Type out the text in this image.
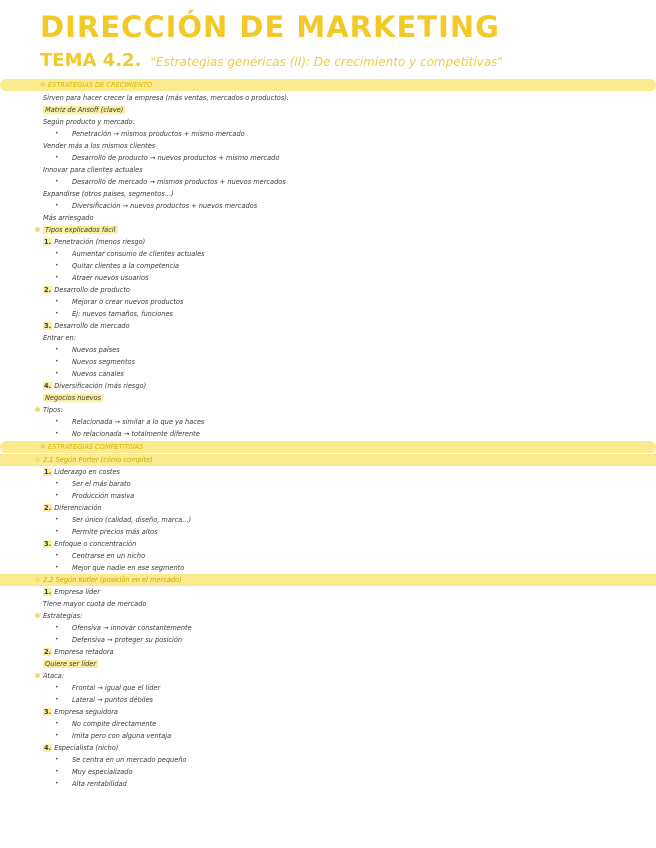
DIRECCIÓN DE MARKETING
TEMA 4.2. "Estrategias genéricas (II): De crecimiento y competitivas"
① ESTRATEGIAS DE CRECIMIENTO
Sirven para hacer crecer la empresa (más ventas, mercados o productos).
Matriz de Ansoff (clave)
Según producto y mercado:
• Penetración → mismos productos + mismo mercado
Vender más a los mismos clientes
• Desarrollo de producto → nuevos productos + mismo mercado
Innovar para clientes actuales
• Desarrollo de mercado → mismos productos + nuevos mercados
Expandirse (otros países, segmentos...)
• Diversificación → nuevos productos + nuevos mercados
Más arriesgado
Tipos explicados fácil
1. Penetración (menos riesgo)
• Aumentar consumo de clientes actuales
• Quitar clientes a la competencia
• Atraer nuevos usuarios
2. Desarrollo de producto
• Mejorar o crear nuevos productos
• Ej: nuevos tamaños, funciones
3. Desarrollo de mercado
Entrar en:
• Nuevos países
• Nuevos segmentos
• Nuevos canales
4. Diversificación (más riesgo)
Negocios nuevos
Tipos:
• Relacionada → similar a lo que ya haces
• No relacionada → totalmente diferente
② ESTRATEGIAS COMPETITIVAS
2.1 Según Porter (cómo compite)
1. Liderazgo en costes
• Ser el más barato
• Producción masiva
2. Diferenciación
• Ser único (calidad, diseño, marca...)
• Permite precios más altos
3. Enfoque o concentración
• Centrarse en un nicho
• Mejor que nadie en ese segmento
2.2 Según Kotler (posición en el mercado)
1. Empresa líder
Tiene mayor cuota de mercado
Estrategias:
• Ofensiva → innovar constantemente
• Defensiva → proteger su posición
2. Empresa retadora
Quiere ser líder
Ataca:
• Frontal → igual que el líder
• Lateral → puntos débiles
3. Empresa seguidora
• No compite directamente
• Imita pero con alguna ventaja
4. Especialista (nicho)
• Se centra en un mercado pequeño
• Muy especializado
• Alta rentabilidad
